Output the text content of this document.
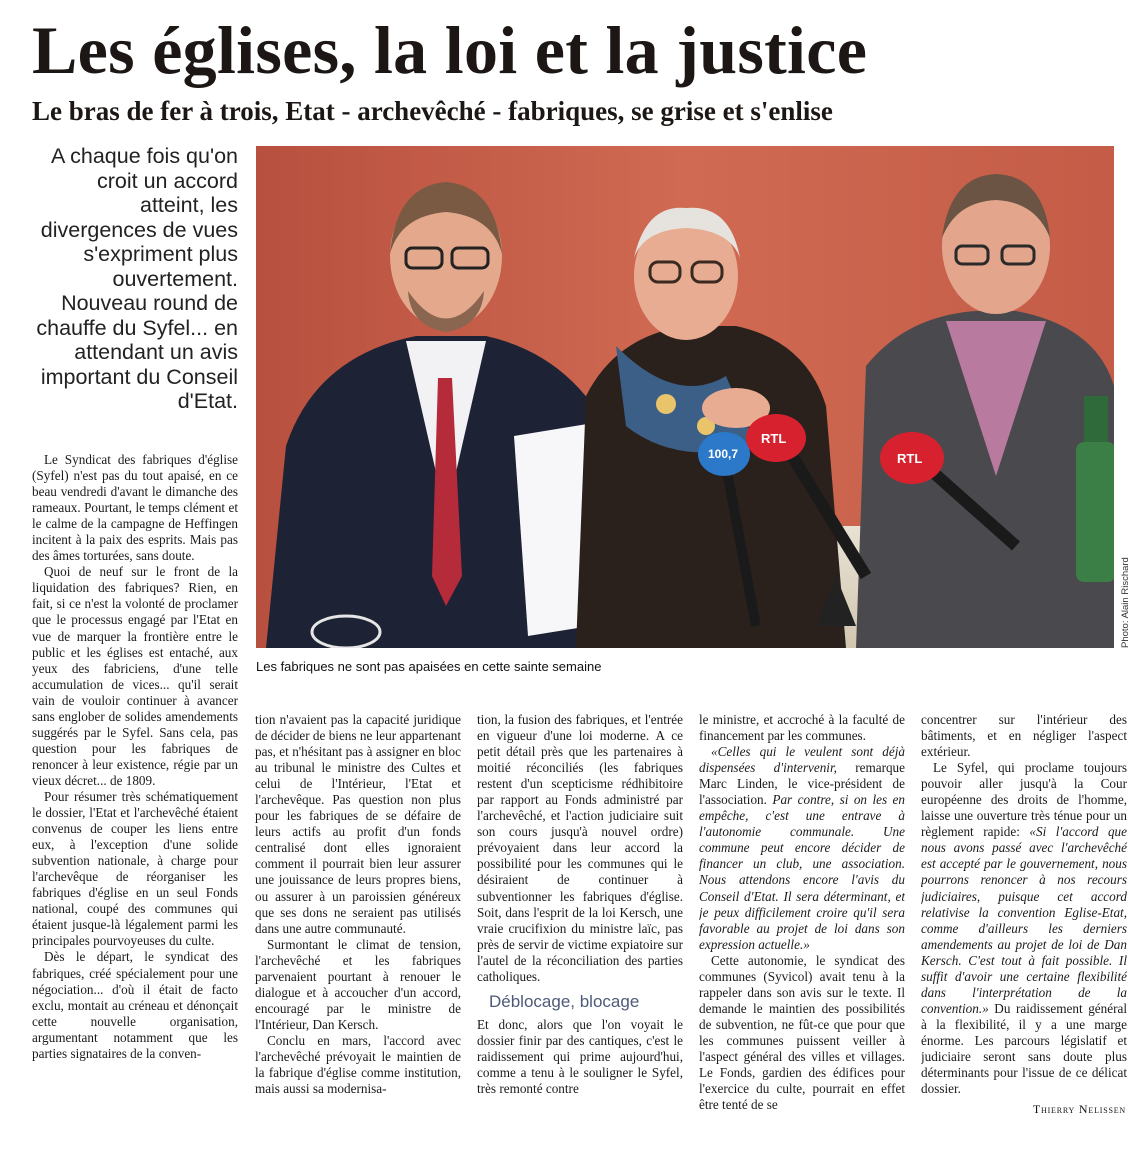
Les églises, la loi et la justice
Le bras de fer à trois, Etat - archevêché - fabriques, se grise et s'enlise
A chaque fois qu'on croit un accord atteint, les divergences de vues s'expriment plus ouvertement. Nouveau round de chauffe du Syfel... en attendant un avis important du Conseil d'Etat.
100,7
RTL
RTL
Photo: Alain Rischard
Les fabriques ne sont pas apaisées en cette sainte semaine

Le Syndicat des fabriques d'église (Syfel) n'est pas du tout apaisé, en ce beau vendredi d'avant le dimanche des rameaux. Pourtant, le temps clément et le calme de la campagne de Heffingen incitent à la paix des esprits. Mais pas des âmes torturées, sans doute.

Quoi de neuf sur le front de la liquidation des fabriques? Rien, en fait, si ce n'est la volonté de proclamer que le processus engagé par l'Etat en vue de marquer la frontière entre le public et les églises est entaché, aux yeux des fabriciens, d'une telle accumulation de vices... qu'il serait vain de vouloir continuer à avancer sans englober de solides amendements suggérés par le Syfel. Sans cela, pas question pour les fabriques de renoncer à leur existence, régie par un vieux décret... de 1809.

Pour résumer très schématiquement le dossier, l'Etat et l'archevêché étaient convenus de couper les liens entre eux, à l'exception d'une solide subvention nationale, à charge pour l'archevêque de réorganiser les fabriques d'église en un seul Fonds national, coupé des communes qui étaient jusque-là légalement parmi les principales pourvoyeuses du culte.

Dès le départ, le syndicat des fabriques, créé spécialement pour une négociation... d'où il était de facto exclu, montait au créneau et dénonçait cette nouvelle organisation, argumentant notamment que les parties signataires de la conven-

tion n'avaient pas la capacité juridique de décider de biens ne leur appartenant pas, et n'hésitant pas à assigner en bloc au tribunal le ministre des Cultes et celui de l'Intérieur, l'Etat et l'archevêque. Pas question non plus pour les fabriques de se défaire de leurs actifs au profit d'un fonds centralisé dont elles ignoraient comment il pourrait bien leur assurer une jouissance de leurs propres biens, ou assurer à un paroissien généreux que ses dons ne seraient pas utilisés dans une autre communauté.

Surmontant le climat de tension, l'archevêché et les fabriques parvenaient pourtant à renouer le dialogue et à accoucher d'un accord, encouragé par le ministre de l'Intérieur, Dan Kersch.

Conclu en mars, l'accord avec l'archevêché prévoyait le maintien de la fabrique d'église comme institution, mais aussi sa modernisa-

tion, la fusion des fabriques, et l'entrée en vigueur d'une loi moderne. A ce petit détail près que les partenaires à moitié réconciliés (les fabriques restent d'un scepticisme rédhibitoire par rapport au Fonds administré par l'archevêché, et l'action judiciaire suit son cours jusqu'à nouvel ordre) prévoyaient dans leur accord la possibilité pour les communes qui le désiraient de continuer à subventionner les fabriques d'église. Soit, dans l'esprit de la loi Kersch, une vraie crucifixion du ministre laïc, pas près de servir de victime expiatoire sur l'autel de la réconciliation des parties catholiques.

Déblocage, blocage

Et donc, alors que l'on voyait le dossier finir par des cantiques, c'est le raidissement qui prime aujourd'hui, comme a tenu à le souligner le Syfel, très remonté contre

le ministre, et accroché à la faculté de financement par les communes.

«Celles qui le veulent sont déjà dispensées d'intervenir, remarque Marc Linden, le vice-président de l'association. Par contre, si on les en empêche, c'est une entrave à l'autonomie communale. Une commune peut encore décider de financer un club, une association. Nous attendons encore l'avis du Conseil d'Etat. Il sera déterminant, et je peux difficilement croire qu'il sera favorable au projet de loi dans son expression actuelle.»

Cette autonomie, le syndicat des communes (Syvicol) avait tenu à la rappeler dans son avis sur le texte. Il demande le maintien des possibilités de subvention, ne fût-ce que pour que les communes puissent veiller à l'aspect général des villes et villages. Le Fonds, gardien des édifices pour l'exercice du culte, pourrait en effet être tenté de se

concentrer sur l'intérieur des bâtiments, et en négliger l'aspect extérieur.

Le Syfel, qui proclame toujours pouvoir aller jusqu'à la Cour européenne des droits de l'homme, laisse une ouverture très ténue pour un règlement rapide: «Si l'accord que nous avons passé avec l'archevêché est accepté par le gouvernement, nous pourrons renoncer à nos recours judiciaires, puisque cet accord relativise la convention Eglise-Etat, comme d'ailleurs les derniers amendements au projet de loi de Dan Kersch. C'est tout à fait possible. Il suffit d'avoir une certaine flexibilité dans l'interprétation de la convention.» Du raidissement général à la flexibilité, il y a une marge énorme. Les parcours législatif et judiciaire seront sans doute plus déterminants pour l'issue de ce délicat dossier.

Thierry Nelissen
